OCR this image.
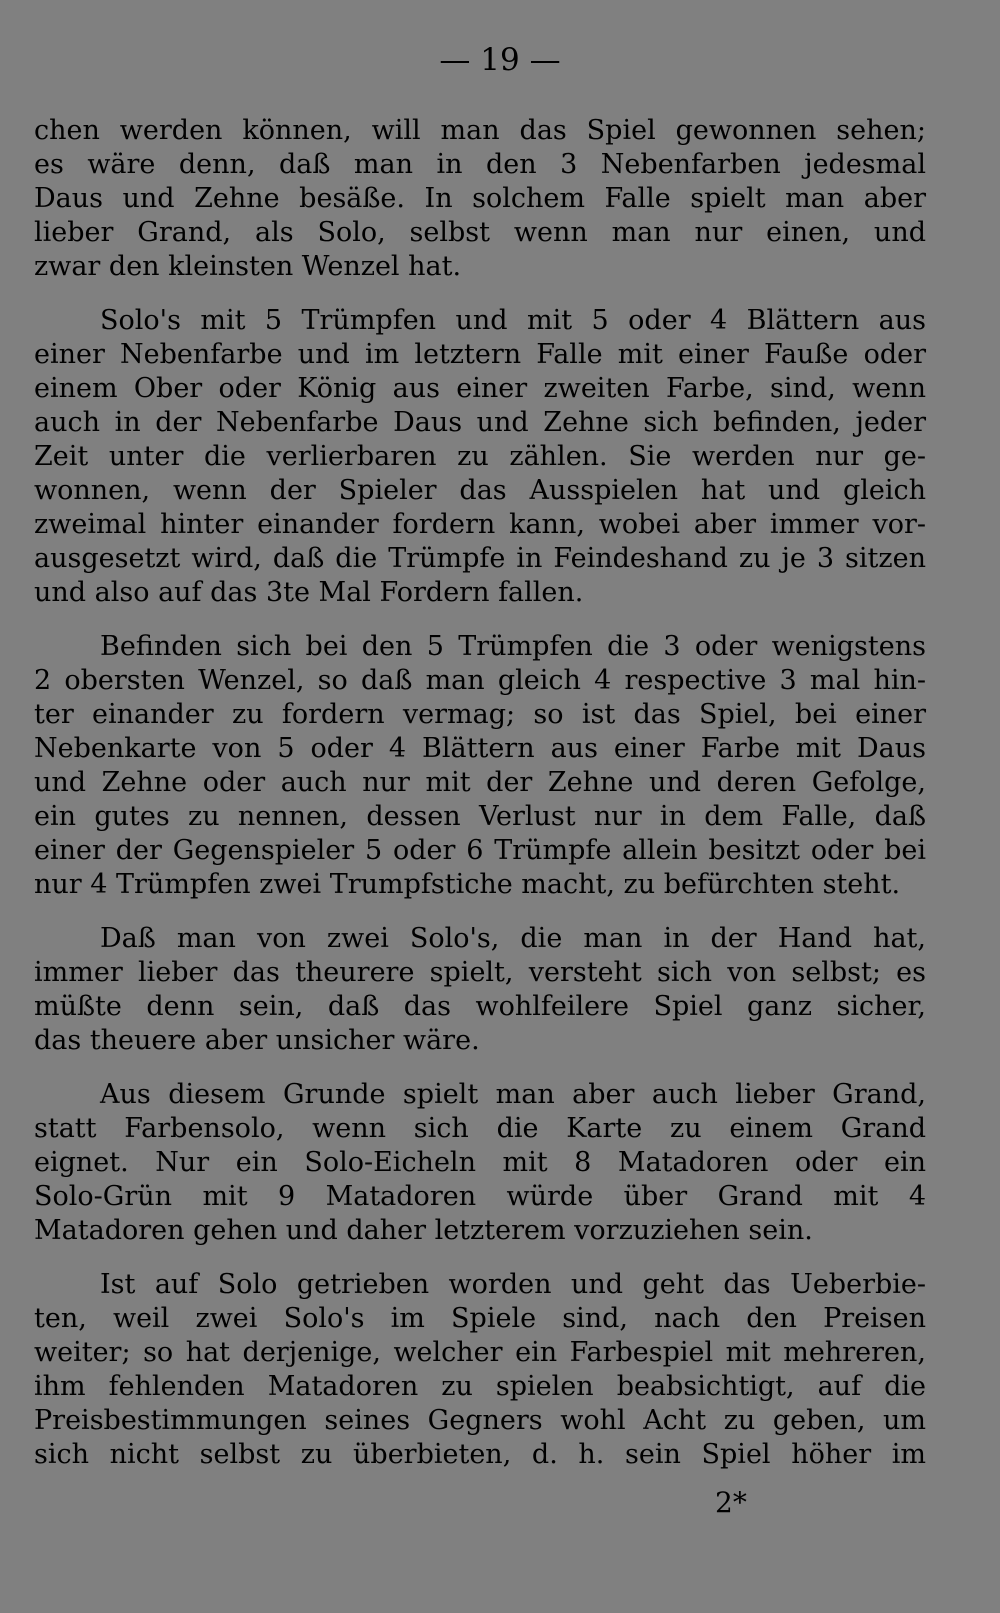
— 19 —
chen werden können, will man das Spiel gewonnen sehen;
es wäre denn, daß man in den 3 Nebenfarben jedesmal
Daus und Zehne besäße. In solchem Falle spielt man aber
lieber Grand, als Solo, selbst wenn man nur einen, und
zwar den kleinsten Wenzel hat.
Solo's mit 5 Trümpfen und mit 5 oder 4 Blättern aus
einer Nebenfarbe und im letztern Falle mit einer Fauße oder
einem Ober oder König aus einer zweiten Farbe, sind, wenn
auch in der Nebenfarbe Daus und Zehne sich befinden, jeder
Zeit unter die verlierbaren zu zählen. Sie werden nur ge-
wonnen, wenn der Spieler das Ausspielen hat und gleich
zweimal hinter einander fordern kann, wobei aber immer vor-
ausgesetzt wird, daß die Trümpfe in Feindeshand zu je 3 sitzen
und also auf das 3te Mal Fordern fallen.
Befinden sich bei den 5 Trümpfen die 3 oder wenigstens
2 obersten Wenzel, so daß man gleich 4 respective 3 mal hin-
ter einander zu fordern vermag; so ist das Spiel, bei einer
Nebenkarte von 5 oder 4 Blättern aus einer Farbe mit Daus
und Zehne oder auch nur mit der Zehne und deren Gefolge,
ein gutes zu nennen, dessen Verlust nur in dem Falle, daß
einer der Gegenspieler 5 oder 6 Trümpfe allein besitzt oder bei
nur 4 Trümpfen zwei Trumpfstiche macht, zu befürchten steht.
Daß man von zwei Solo's, die man in der Hand hat,
immer lieber das theurere spielt, versteht sich von selbst; es
müßte denn sein, daß das wohlfeilere Spiel ganz sicher,
das theuere aber unsicher wäre.
Aus diesem Grunde spielt man aber auch lieber Grand,
statt Farbensolo, wenn sich die Karte zu einem Grand
eignet. Nur ein Solo-Eicheln mit 8 Matadoren oder ein
Solo-Grün mit 9 Matadoren würde über Grand mit 4
Matadoren gehen und daher letzterem vorzuziehen sein.
Ist auf Solo getrieben worden und geht das Ueberbie-
ten, weil zwei Solo's im Spiele sind, nach den Preisen
weiter; so hat derjenige, welcher ein Farbespiel mit mehreren,
ihm fehlenden Matadoren zu spielen beabsichtigt, auf die
Preisbestimmungen seines Gegners wohl Acht zu geben, um
sich nicht selbst zu überbieten, d. h. sein Spiel höher im
2*
